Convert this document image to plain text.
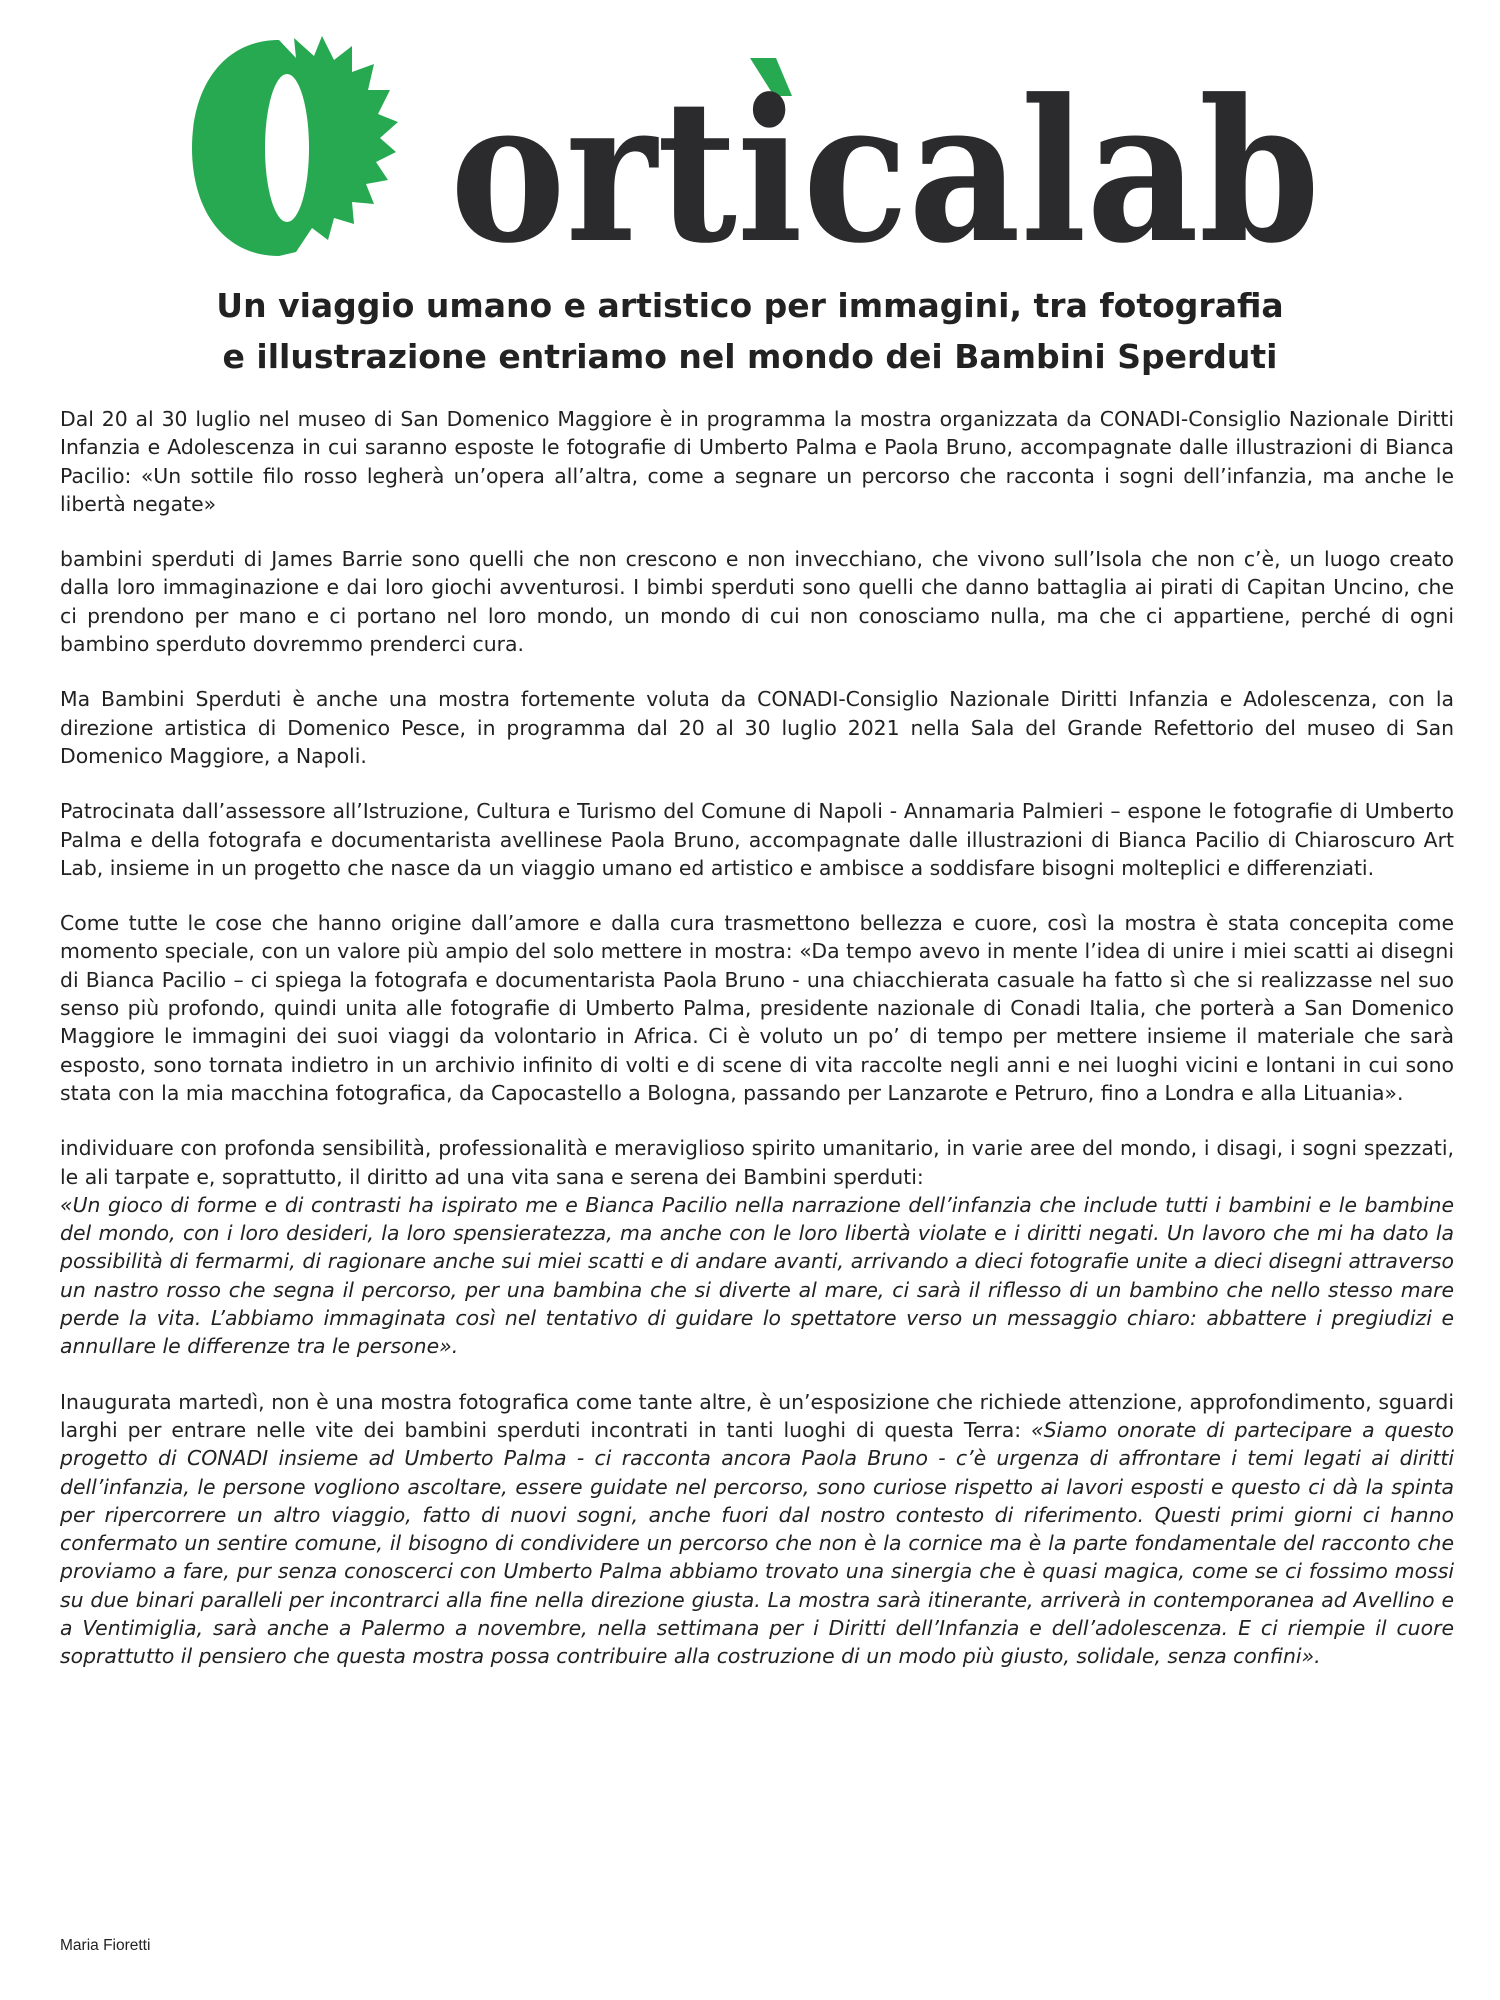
orticalab
Un viaggio umano e artistico per immagini, tra fotografia
e illustrazione entriamo nel mondo dei Bambini Sperduti

Dal 20 al 30 luglio nel museo di San Domenico Maggiore è in programma la mostra organizzata da CONADI-Consiglio Nazionale Diritti Infanzia e Adolescenza in cui saranno esposte le fotografie di Umberto Palma e Paola Bruno, accompagnate dalle illustrazioni di Bianca Pacilio: «Un sottile filo rosso legherà un’opera all’altra, come a segnare un percorso che racconta i sogni dell’infanzia, ma anche le libertà negate»

bambini sperduti di James Barrie sono quelli che non crescono e non invecchiano, che vivono sull’Isola che non c’è, un luogo creato dalla loro immaginazione e dai loro giochi avventurosi. I bimbi sperduti sono quelli che danno battaglia ai pirati di Capitan Uncino, che ci prendono per mano e ci portano nel loro mondo, un mondo di cui non conosciamo nulla, ma che ci appartiene, perché di ogni bambino sperduto dovremmo prenderci cura.

Ma Bambini Sperduti è anche una mostra fortemente voluta da CONADI-Consiglio Nazionale Diritti Infanzia e Adolescenza, con la direzione artistica di Domenico Pesce, in programma dal 20 al 30 luglio 2021 nella Sala del Grande Refettorio del museo di San Domenico Maggiore, a Napoli.

Patrocinata dall’assessore all’Istruzione, Cultura e Turismo del Comune di Napoli - Annamaria Palmieri – espone le fotografie di Umberto Palma e della fotografa e documentarista avellinese Paola Bruno, accompagnate dalle illustrazioni di Bianca Pacilio di Chiaroscuro Art Lab, insieme in un progetto che nasce da un viaggio umano ed artistico e ambisce a soddisfare bisogni molteplici e differenziati.

Come tutte le cose che hanno origine dall’amore e dalla cura trasmettono bellezza e cuore, così la mostra è stata concepita come momento speciale, con un valore più ampio del solo mettere in mostra: «Da tempo avevo in mente l’idea di unire i miei scatti ai disegni di Bianca Pacilio – ci spiega la fotografa e documentarista Paola Bruno - una chiacchierata casuale ha fatto sì che si realizzasse nel suo senso più profondo, quindi unita alle fotografie di Umberto Palma, presidente nazionale di Conadi Italia, che porterà a San Domenico Maggiore le immagini dei suoi viaggi da volontario in Africa. Ci è voluto un po’ di tempo per mettere insieme il materiale che sarà esposto, sono tornata indietro in un archivio infinito di volti e di scene di vita raccolte negli anni e nei luoghi vicini e lontani in cui sono stata con la mia macchina fotografica, da Capocastello a Bologna, passando per Lanzarote e Petruro, fino a Londra e alla Lituania».

individuare con profonda sensibilità, professionalità e meraviglioso spirito umanitario, in varie aree del mondo, i disagi, i sogni spezzati, le ali tarpate e, soprattutto, il diritto ad una vita sana e serena dei Bambini sperduti:

«Un gioco di forme e di contrasti ha ispirato me e Bianca Pacilio nella narrazione dell’infanzia che include tutti i bambini e le bambine del mondo, con i loro desideri, la loro spensieratezza, ma anche con le loro libertà violate e i diritti negati. Un lavoro che mi ha dato la possibilità di fermarmi, di ragionare anche sui miei scatti e di andare avanti, arrivando a dieci fotografie unite a dieci disegni attraverso un nastro rosso che segna il percorso, per una bambina che si diverte al mare, ci sarà il riflesso di un bambino che nello stesso mare perde la vita. L’abbiamo immaginata così nel tentativo di guidare lo spettatore verso un messaggio chiaro: abbattere i pregiudizi e annullare le differenze tra le persone».

Inaugurata martedì, non è una mostra fotografica come tante altre, è un’esposizione che richiede attenzione, approfondimento, sguardi larghi per entrare nelle vite dei bambini sperduti incontrati in tanti luoghi di questa Terra: «Siamo onorate di partecipare a questo progetto di CONADI insieme ad Umberto Palma - ci racconta ancora Paola Bruno - c’è urgenza di affrontare i temi legati ai diritti dell’infanzia, le persone vogliono ascoltare, essere guidate nel percorso, sono curiose rispetto ai lavori esposti e questo ci dà la spinta per ripercorrere un altro viaggio, fatto di nuovi sogni, anche fuori dal nostro contesto di riferimento. Questi primi giorni ci hanno confermato un sentire comune, il bisogno di condividere un percorso che non è la cornice ma è la parte fondamentale del racconto che proviamo a fare, pur senza conoscerci con Umberto Palma abbiamo trovato una sinergia che è quasi magica, come se ci fossimo mossi su due binari paralleli per incontrarci alla fine nella direzione giusta. La mostra sarà itinerante, arriverà in contemporanea ad Avellino e a Ventimiglia, sarà anche a Palermo a novembre, nella settimana per i Diritti dell’Infanzia e dell’adolescenza. E ci riempie il cuore soprattutto il pensiero che questa mostra possa contribuire alla costruzione di un modo più giusto, solidale, senza confini».

Maria Fioretti
